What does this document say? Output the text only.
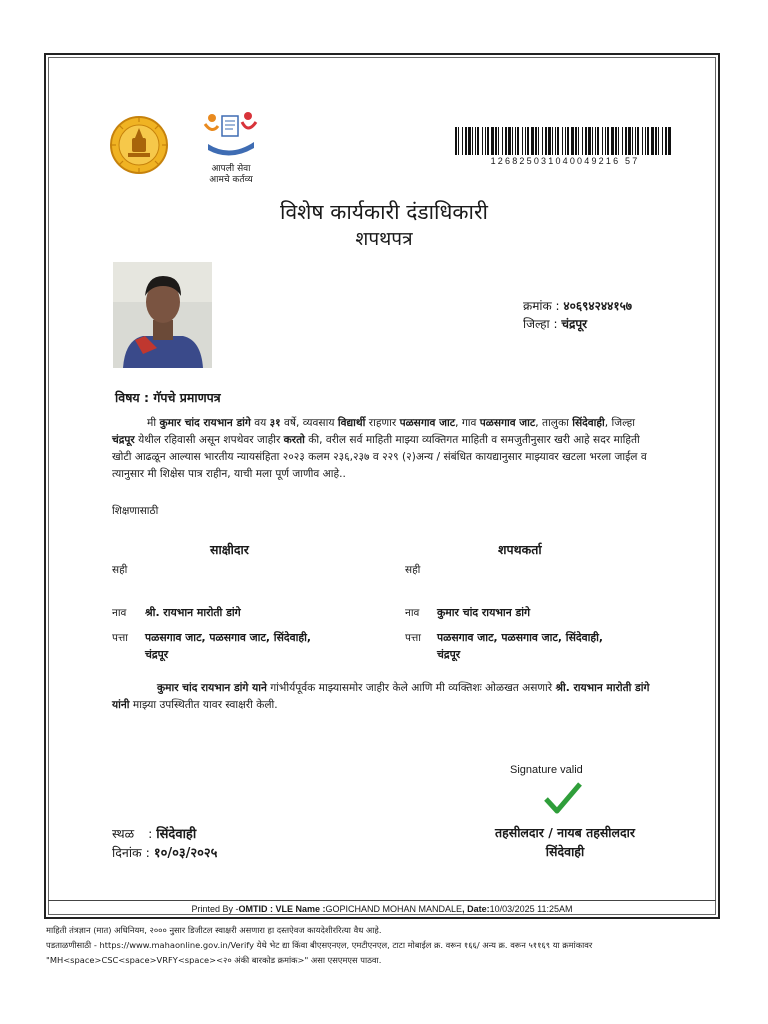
आपली सेवा
आमचे कर्तव्य
126825031040049216 57
विशेष कार्यकारी दंडाधिकारी
शपथपत्र
क्रमांक : ४०६९४२४४१५७
जिल्हा : चंद्रपूर
विषय : गॅपचे प्रमाणपत्र
मी कुमार चांद रायभान डांगे वय ३१ वर्षे, व्यवसाय विद्यार्थी राहणार पळसगाव जाट, गाव पळसगाव जाट, तालुका सिंदेवाही, जिल्हा चंद्रपूर येथील रहिवासी असून शपथेवर जाहीर करतो की, वरील सर्व माहिती माझ्या व्यक्तिगत माहिती व समजुतीनुसार खरी आहे सदर माहिती खोटी आढळून आल्यास भारतीय न्यायसंहिता २०२३ कलम २३६,२३७ व २२९ (२)अन्य / संबंधित कायद्यानुसार माझ्यावर खटला भरला जाईल व त्यानुसार मी शिक्षेस पात्र राहीन, याची मला पूर्ण जाणीव आहे..
शिक्षणासाठी
साक्षीदार
सही
नाव श्री. रायभान मारोती डांगे
पत्ता पळसगाव जाट, पळसगाव जाट, सिंदेवाही,
चंद्रपूर
शपथकर्ता
सही
नाव कुमार चांद रायभान डांगे
पत्ता पळसगाव जाट, पळसगाव जाट, सिंदेवाही,
चंद्रपूर
कुमार चांद रायभान डांगे याने गांभीर्यपूर्वक माझ्यासमोर जाहीर केले आणि मी व्यक्तिशः ओळखत असणारे श्री. रायभान मारोती डांगे यांनी माझ्या उपस्थितीत यावर स्वाक्षरी केली.
Signature valid
स्थळ : सिंदेवाही
दिनांक : १०/०३/२०२५
तहसीलदार / नायब तहसीलदार
सिंदेवाही
Printed By -OMTID : VLE Name :GOPICHAND MOHAN MANDALE, Date:10/03/2025 11:25AM
माहिती तंत्रज्ञान (मात) अधिनियम, २००० नुसार डिजीटल स्वाक्षरी असणारा हा दस्तऐवज कायदेशीररित्या वैध आहे.
पडताळणीसाठी - https://www.mahaonline.gov.in/Verify येथे भेट द्या किंवा बीएसएनएल, एमटीएनएल, टाटा मोबाईल क्र. वरून १६६/ अन्य क्र. वरून ५११६९ या क्रमांकावर
"MH<space>CSC<space>VRFY<space><२० अंकी बारकोड क्रमांक>" असा एसएमएस पाठवा.
